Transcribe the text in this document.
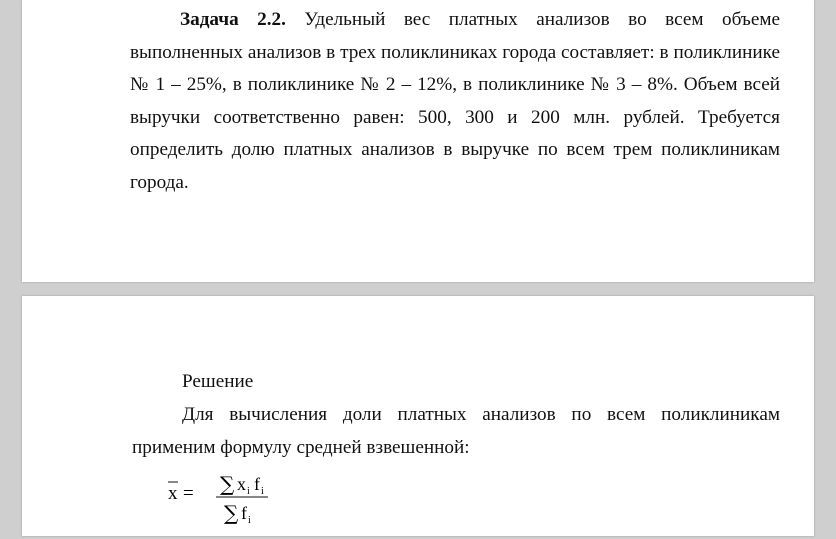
Задача 2.2. Удельный вес платных анализов во всем объеме выполненных анализов в трех поликлиниках города составляет: в поликлинике № 1 – 25%, в поликлинике № 2 – 12%, в поликлинике № 3 – 8%. Объем всей выручки соответственно равен: 500, 300 и 200 млн. рублей. Требуется определить долю платных анализов в выручке по всем трем поликлиникам города.

Решение

Для вычисления доли платных анализов по всем поликлиникам применим формулу средней взвешенной:

x = ∑ x i f i
∑ f i
